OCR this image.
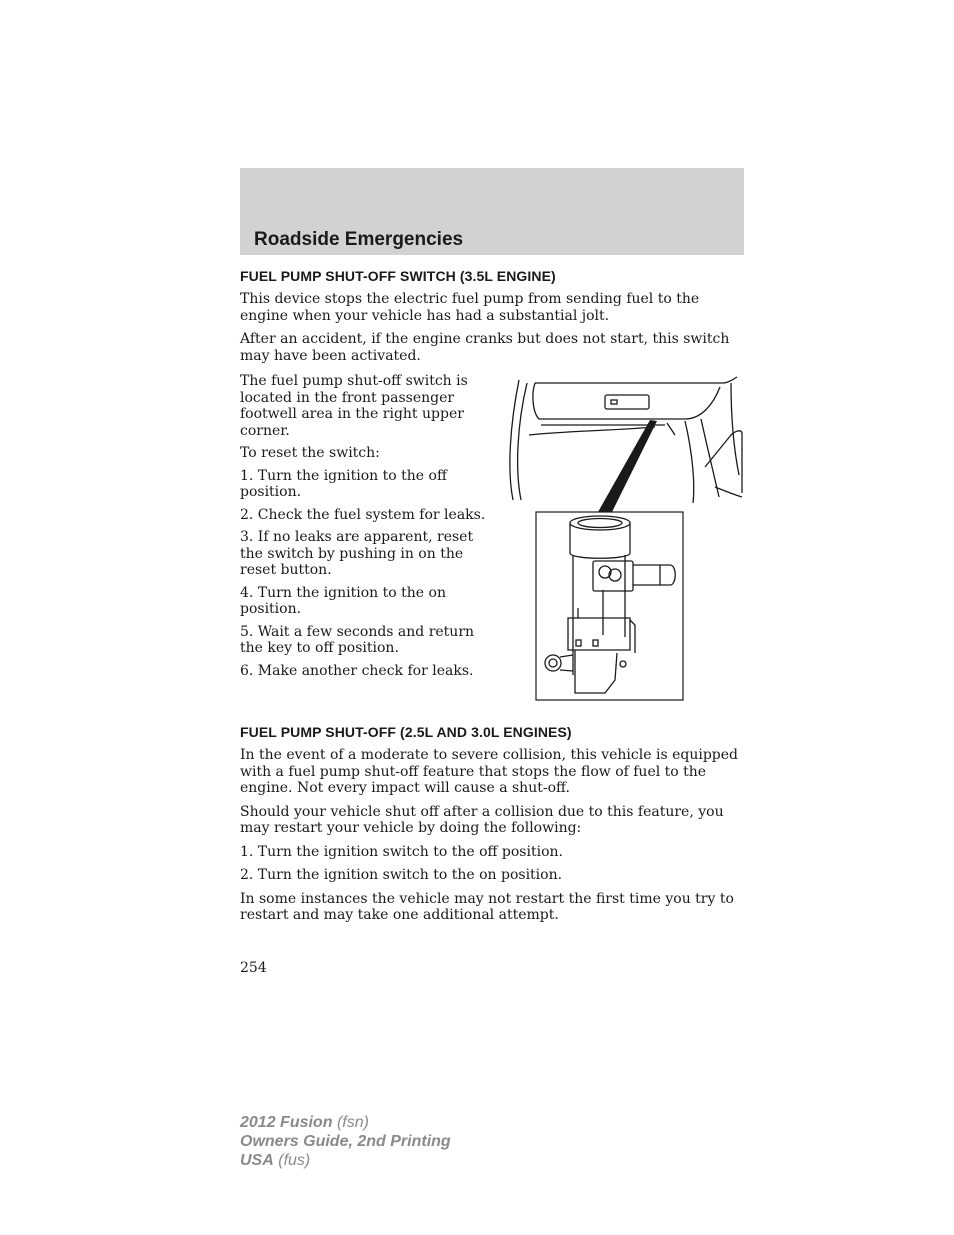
Roadside Emergencies
FUEL PUMP SHUT-OFF SWITCH (3.5L ENGINE)

This device stops the electric fuel pump from sending fuel to the engine when your vehicle has had a substantial jolt.

After an accident, if the engine cranks but does not start, this switch may have been activated.

The fuel pump shut-off switch is located in the front passenger footwell area in the right upper corner.

To reset the switch:

1. Turn the ignition to the off position.

2. Check the fuel system for leaks.

3. If no leaks are apparent, reset the switch by pushing in on the reset button.

4. Turn the ignition to the on position.

5. Wait a few seconds and return the key to off position.

6. Make another check for leaks.

FUEL PUMP SHUT-OFF (2.5L AND 3.0L ENGINES)

In the event of a moderate to severe collision, this vehicle is equipped with a fuel pump shut-off feature that stops the flow of fuel to the engine. Not every impact will cause a shut-off.

Should your vehicle shut off after a collision due to this feature, you may restart your vehicle by doing the following:

1. Turn the ignition switch to the off position.

2. Turn the ignition switch to the on position.

In some instances the vehicle may not restart the first time you try to restart and may take one additional attempt.

254
2012 Fusion (fsn)
Owners Guide, 2nd Printing
USA (fus)
